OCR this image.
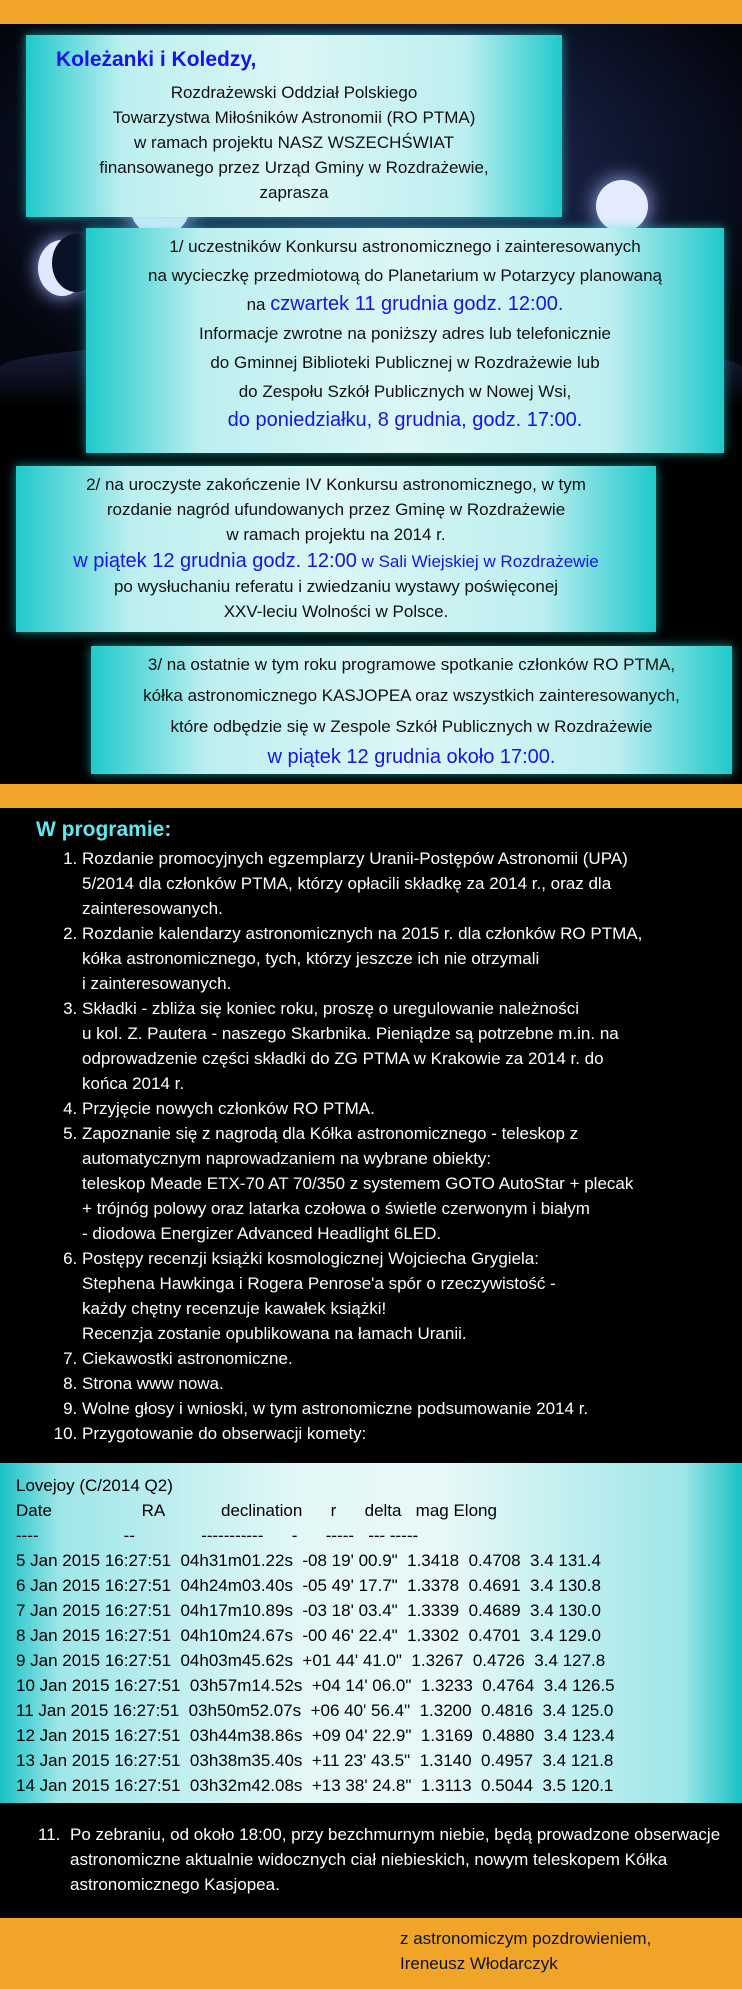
Koleżanki i Koledzy,
Rozdrażewski Oddział Polskiego
Towarzystwa Miłośników Astronomii (RO PTMA)
w ramach projektu NASZ WSZECHŚWIAT
finansowanego przez Urząd Gminy w Rozdrażewie,
zaprasza
1/ uczestników Konkursu astronomicznego i zainteresowanych
na wycieczkę przedmiotową do Planetarium w Potarzycy planowaną
na czwartek 11 grudnia godz. 12:00.
Informacje zwrotne na poniższy adres lub telefonicznie
do Gminnej Biblioteki Publicznej w Rozdrażewie lub
do Zespołu Szkół Publicznych w Nowej Wsi,
do poniedziałku, 8 grudnia, godz. 17:00.
2/ na uroczyste zakończenie IV Konkursu astronomicznego, w tym
rozdanie nagród ufundowanych przez Gminę w Rozdrażewie
w ramach projektu na 2014 r.
w piątek 12 grudnia godz. 12:00 w Sali Wiejskiej w Rozdrażewie
po wysłuchaniu referatu i zwiedzaniu wystawy poświęconej
XXV-leciu Wolności w Polsce.
3/ na ostatnie w tym roku programowe spotkanie członków RO PTMA,
kółka astronomicznego KASJOPEA oraz wszystkich zainteresowanych,
które odbędzie się w Zespole Szkół Publicznych w Rozdrażewie
w piątek 12 grudnia około 17:00.
W programie:
1. Rozdanie promocyjnych egzemplarzy Uranii-Postępów Astronomii (UPA)
5/2014 dla członków PTMA, którzy opłacili składkę za 2014 r., oraz dla
zainteresowanych.
2. Rozdanie kalendarzy astronomicznych na 2015 r. dla członków RO PTMA,
kółka astronomicznego, tych, którzy jeszcze ich nie otrzymali
i zainteresowanych.
3. Składki - zbliża się koniec roku, proszę o uregulowanie należności
u kol. Z. Pautera - naszego Skarbnika. Pieniądze są potrzebne m.in. na
odprowadzenie części składki do ZG PTMA w Krakowie za 2014 r. do
końca 2014 r.
4. Przyjęcie nowych członków RO PTMA.
5. Zapoznanie się z nagrodą dla Kółka astronomicznego - teleskop z
automatycznym naprowadzaniem na wybrane obiekty:
teleskop Meade ETX-70 AT 70/350 z systemem GOTO AutoStar + plecak
+ trójnóg polowy oraz latarka czołowa o świetle czerwonym i białym
- diodowa Energizer Advanced Headlight 6LED.
6. Postępy recenzji książki kosmologicznej Wojciecha Grygiela:
Stephena Hawkinga i Rogera Penrose'a spór o rzeczywistość -
każdy chętny recenzuje kawałek książki!
Recenzja zostanie opublikowana na łamach Uranii.
7. Ciekawostki astronomiczne.
8. Strona www nowa.
9. Wolne głosy i wnioski, w tym astronomiczne podsumowanie 2014 r.
10. Przygotowanie do obserwacji komety:
Lovejoy (C/2014 Q2)
Date                   RA            declination      r      delta   mag Elong
----                  --              -----------      -      -----   --- -----
5 Jan 2015 16:27:51  04h31m01.22s  -08 19' 00.9"  1.3418  0.4708  3.4 131.4
6 Jan 2015 16:27:51  04h24m03.40s  -05 49' 17.7"  1.3378  0.4691  3.4 130.8
7 Jan 2015 16:27:51  04h17m10.89s  -03 18' 03.4"  1.3339  0.4689  3.4 130.0
8 Jan 2015 16:27:51  04h10m24.67s  -00 46' 22.4"  1.3302  0.4701  3.4 129.0
9 Jan 2015 16:27:51  04h03m45.62s  +01 44' 41.0"  1.3267  0.4726  3.4 127.8
10 Jan 2015 16:27:51  03h57m14.52s  +04 14' 06.0"  1.3233  0.4764  3.4 126.5
11 Jan 2015 16:27:51  03h50m52.07s  +06 40' 56.4"  1.3200  0.4816  3.4 125.0
12 Jan 2015 16:27:51  03h44m38.86s  +09 04' 22.9"  1.3169  0.4880  3.4 123.4
13 Jan 2015 16:27:51  03h38m35.40s  +11 23' 43.5"  1.3140  0.4957  3.4 121.8
14 Jan 2015 16:27:51  03h32m42.08s  +13 38' 24.8"  1.3113  0.5044  3.5 120.1
11. Po zebraniu, od około 18:00, przy bezchmurnym niebie, będą prowadzone obserwacje astronomiczne aktualnie widocznych ciał niebieskich, nowym teleskopem Kółka astronomicznego Kasjopea.
z astronomiczym pozdrowieniem,
Ireneusz Włodarczyk
